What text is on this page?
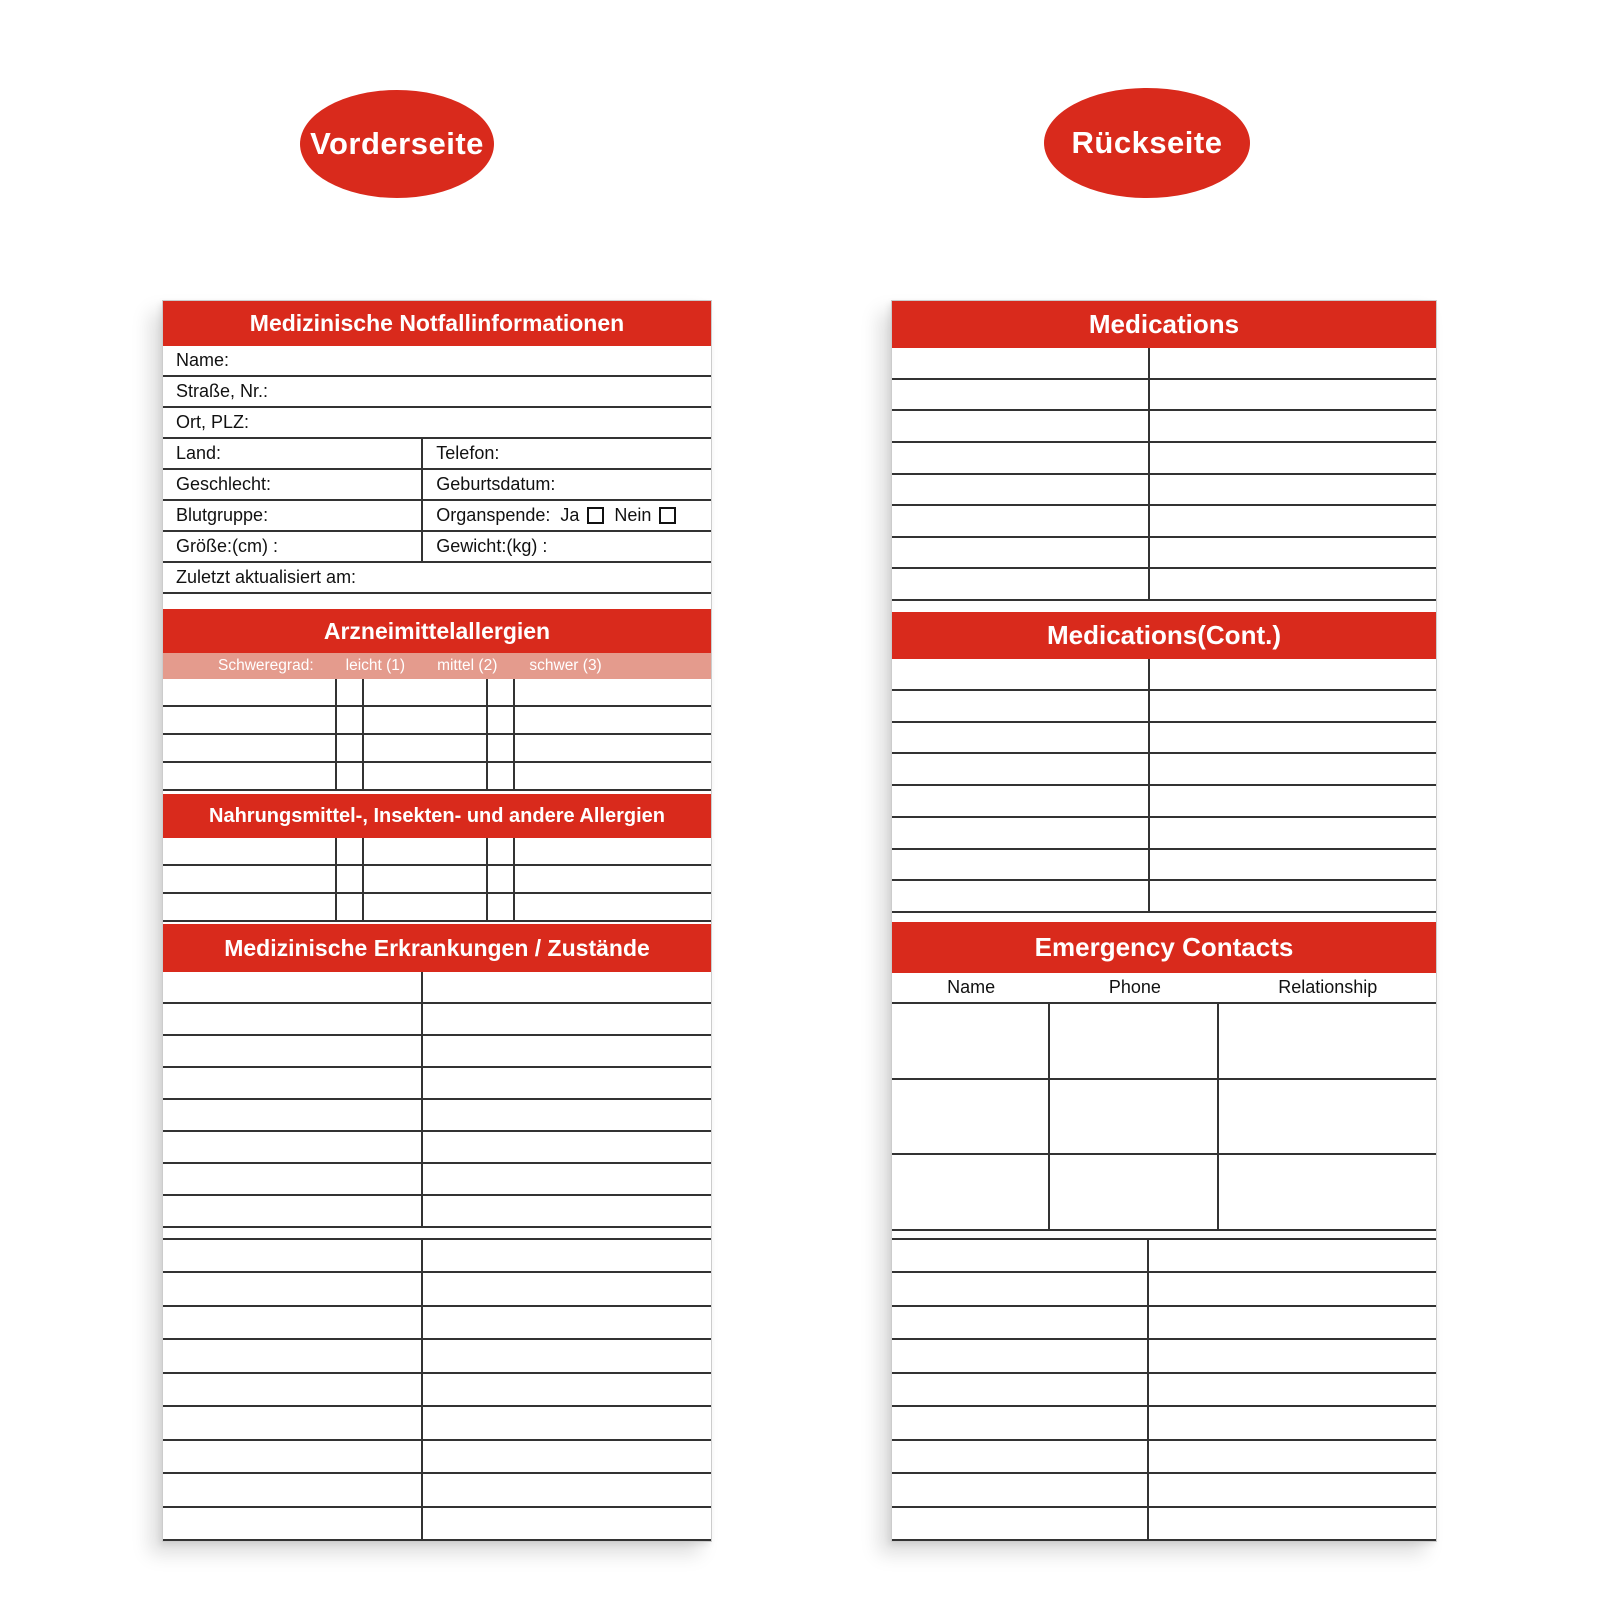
Vorderseite	Rückseite
Medizinische Notfallinformationen
Name:
Straße, Nr.:
Ort, PLZ:
Land:	Telefon:
Geschlecht:	Geburtsdatum:
Blutgruppe:	Organspende: Ja Nein
Größe:(cm) :	Gewicht:(kg) :
Zuletzt aktualisiert am:
Arzneimittelallergien
Schweregrad: leicht (1) mittel (2) schwer (3)
Nahrungsmittel-, Insekten- und andere Allergien
Medizinische Erkrankungen / Zustände
Medications
Medications(Cont.)
Emergency Contacts
Name	Phone	Relationship
